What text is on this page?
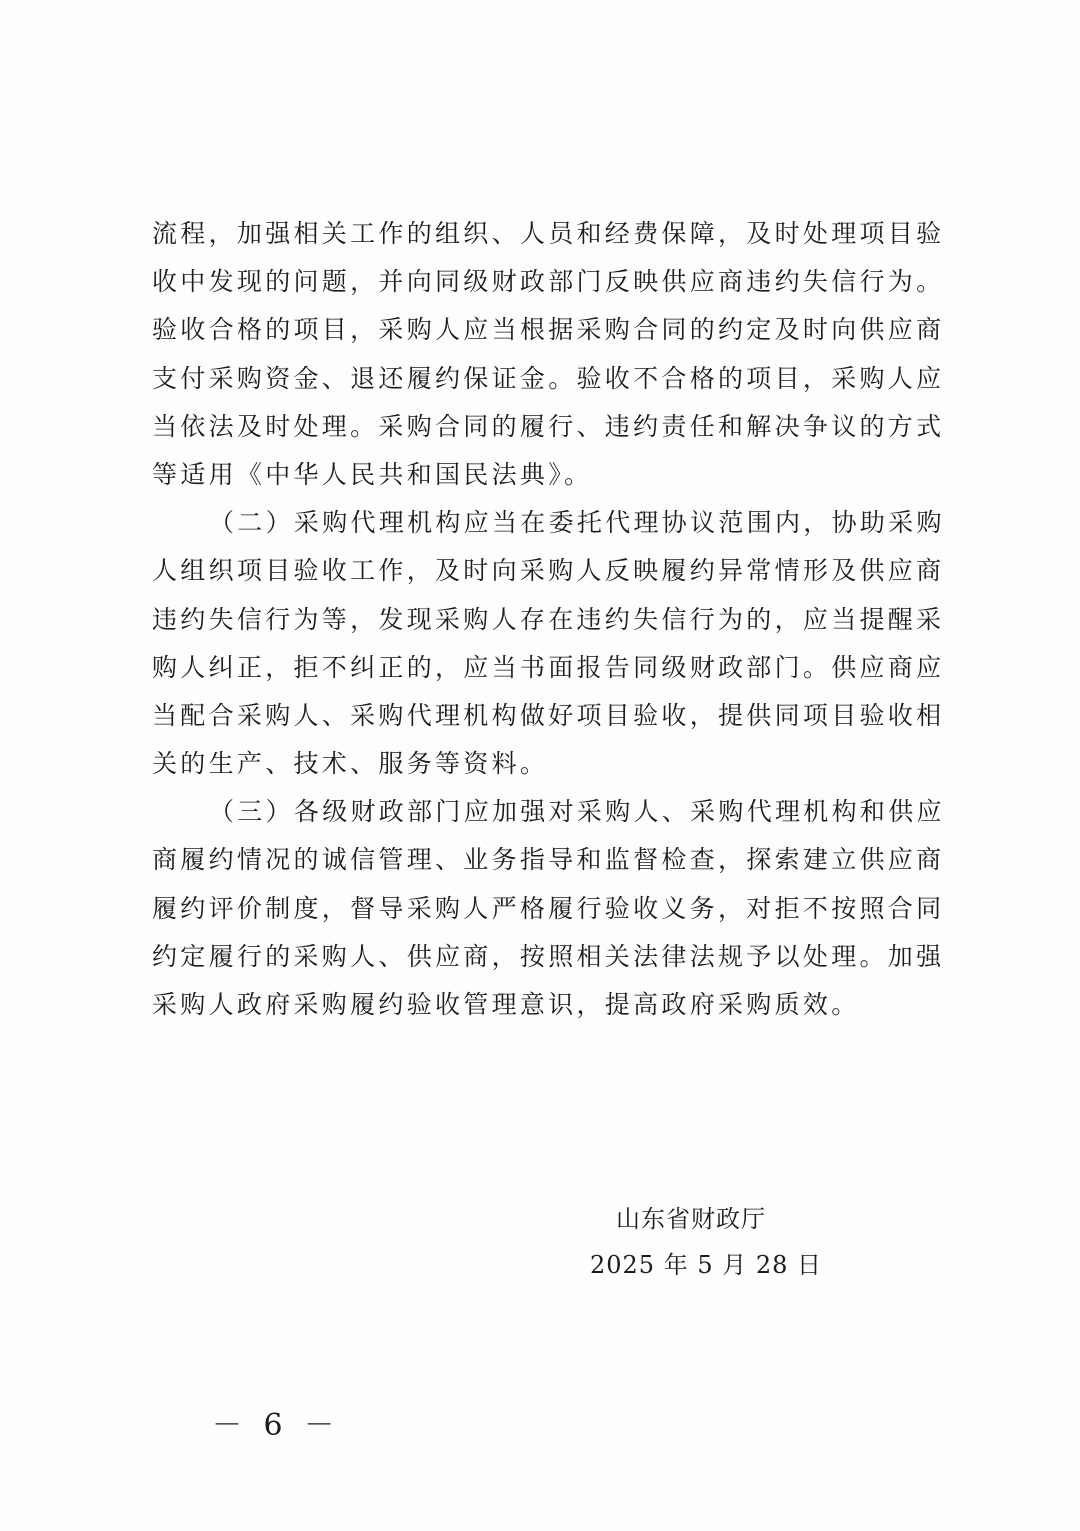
流程，加强相关工作的组织、人员和经费保障，及时处理项目验
收中发现的问题，并向同级财政部门反映供应商违约失信行为。
验收合格的项目，采购人应当根据采购合同的约定及时向供应商
支付采购资金、退还履约保证金。验收不合格的项目，采购人应
当依法及时处理。采购合同的履行、违约责任和解决争议的方式
等适用《中华人民共和国民法典》。
（二）采购代理机构应当在委托代理协议范围内，协助采购
人组织项目验收工作，及时向采购人反映履约异常情形及供应商
违约失信行为等，发现采购人存在违约失信行为的，应当提醒采
购人纠正，拒不纠正的，应当书面报告同级财政部门。供应商应
当配合采购人、采购代理机构做好项目验收，提供同项目验收相
关的生产、技术、服务等资料。
（三）各级财政部门应加强对采购人、采购代理机构和供应
商履约情况的诚信管理、业务指导和监督检查，探索建立供应商
履约评价制度，督导采购人严格履行验收义务，对拒不按照合同
约定履行的采购人、供应商，按照相关法律法规予以处理。加强
采购人政府采购履约验收管理意识，提高政府采购质效。
山东省财政厅
2025 年 5 月 28 日
－ 6 －
